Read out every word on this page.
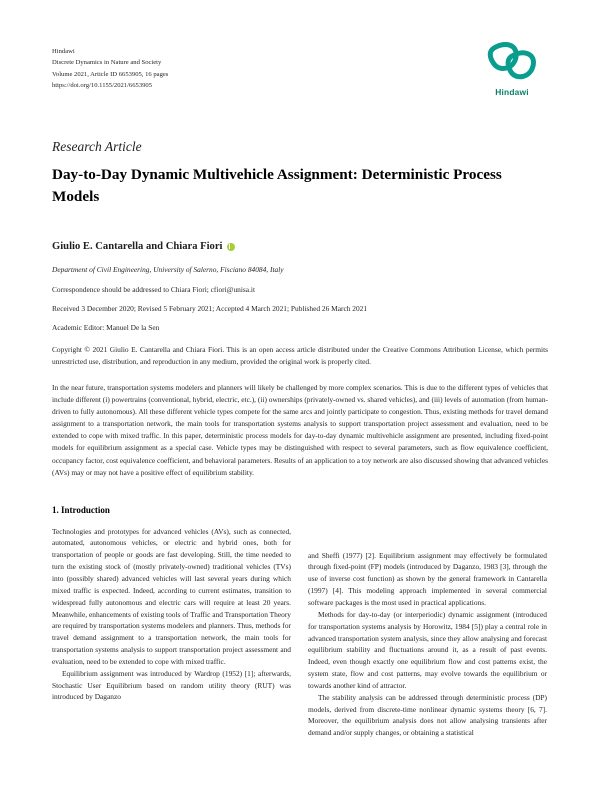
Hindawi
Discrete Dynamics in Nature and Society
Volume 2021, Article ID 6653905, 16 pages
https://doi.org/10.1155/2021/6653905
Hindawi
Research Article
Day-to-Day Dynamic Multivehicle Assignment: Deterministic Process Models
Giulio E. Cantarella and Chiara Fiori
Department of Civil Engineering, University of Salerno, Fisciano 84084, Italy
Correspondence should be addressed to Chiara Fiori; cfiori@unisa.it
Received 3 December 2020; Revised 5 February 2021; Accepted 4 March 2021; Published 26 March 2021
Academic Editor: Manuel De la Sen
Copyright © 2021 Giulio E. Cantarella and Chiara Fiori. This is an open access article distributed under the Creative Commons Attribution License, which permits unrestricted use, distribution, and reproduction in any medium, provided the original work is properly cited.
In the near future, transportation systems modelers and planners will likely be challenged by more complex scenarios. This is due to the different types of vehicles that include different (i) powertrains (conventional, hybrid, electric, etc.), (ii) ownerships (privately-owned vs. shared vehicles), and (iii) levels of automation (from human-driven to fully autonomous). All these different vehicle types compete for the same arcs and jointly participate to congestion. Thus, existing methods for travel demand assignment to a transportation network, the main tools for transportation systems analysis to support transportation project assessment and evaluation, need to be extended to cope with mixed traffic. In this paper, deterministic process models for day-to-day dynamic multivehicle assignment are presented, including fixed-point models for equilibrium assignment as a special case. Vehicle types may be distinguished with respect to several parameters, such as flow equivalence coefficient, occupancy factor, cost equivalence coefficient, and behavioral parameters. Results of an application to a toy network are also discussed showing that advanced vehicles (AVs) may or may not have a positive effect of equilibrium stability.
1. Introduction

Technologies and prototypes for advanced vehicles (AVs), such as connected, automated, autonomous vehicles, or electric and hybrid ones, both for transportation of people or goods are fast developing. Still, the time needed to turn the existing stock of (mostly privately-owned) traditional vehicles (TVs) into (possibly shared) advanced vehicles will last several years during which mixed traffic is expected. Indeed, according to current estimates, transition to widespread fully autonomous and electric cars will require at least 20 years. Meanwhile, enhancements of existing tools of Traffic and Transportation Theory are required by transportation systems modelers and planners. Thus, methods for travel demand assignment to a transportation network, the main tools for transportation systems analysis to support transportation project assessment and evaluation, need to be extended to cope with mixed traffic.

Equilibrium assignment was introduced by Wardrop (1952) [1]; afterwards, Stochastic User Equilibrium based on random utility theory (RUT) was introduced by Daganzo

and Sheffi (1977) [2]. Equilibrium assignment may effectively be formulated through fixed-point (FP) models (introduced by Daganzo, 1983 [3], through the use of inverse cost function) as shown by the general framework in Cantarella (1997) [4]. This modeling approach implemented in several commercial software packages is the most used in practical applications.

Methods for day-to-day (or interperiodic) dynamic assignment (introduced for transportation systems analysis by Horowitz, 1984 [5]) play a central role in advanced transportation system analysis, since they allow analysing and forecast equilibrium stability and fluctuations around it, as a result of past events. Indeed, even though exactly one equilibrium flow and cost patterns exist, the system state, flow and cost patterns, may evolve towards the equilibrium or towards another kind of attractor.

The stability analysis can be addressed through deterministic process (DP) models, derived from discrete-time nonlinear dynamic systems theory [6, 7]. Moreover, the equilibrium analysis does not allow analysing transients after demand and/or supply changes, or obtaining a statistical
